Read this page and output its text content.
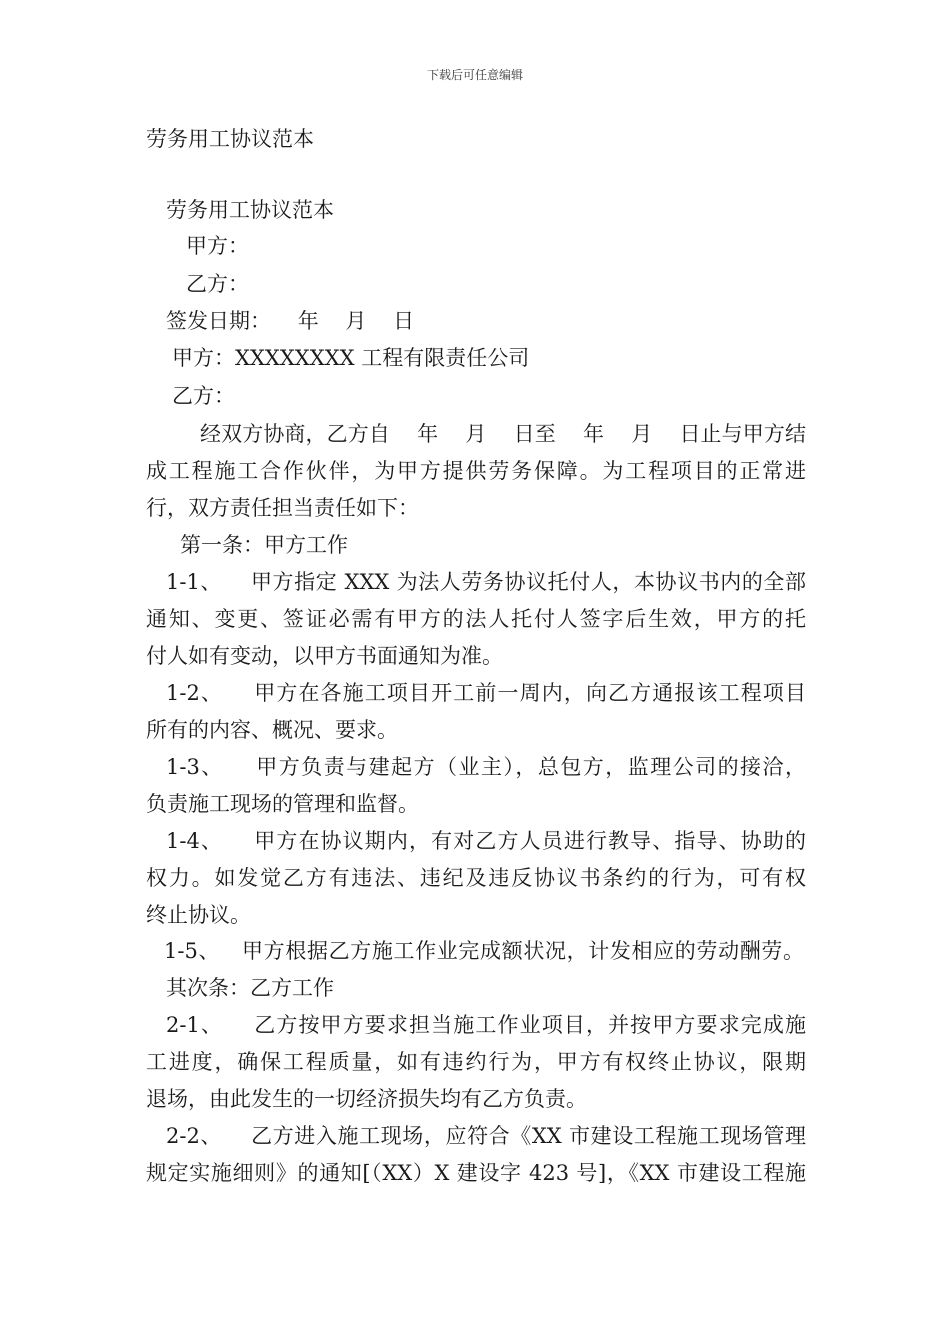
下载后可任意编辑
劳务用工协议范本
劳务用工协议范本
甲方：
乙方：
签发日期：    年    月    日
甲方：XXXXXXXX 工程有限责任公司
乙方：
经双方协商，乙方自    年    月    日至    年    月    日止与甲方结
成工程施工合作伙伴，为甲方提供劳务保障。为工程项目的正常进
行，双方责任担当责任如下：
第一条：甲方工作
1-1、    甲方指定 XXX 为法人劳务协议托付人，本协议书内的全部
通知、变更、签证必需有甲方的法人托付人签字后生效，甲方的托
付人如有变动，以甲方书面通知为准。
1-2、    甲方在各施工项目开工前一周内，向乙方通报该工程项目
所有的内容、概况、要求。
1-3、    甲方负责与建起方（业主），总包方，监理公司的接洽，
负责施工现场的管理和监督。
1-4、    甲方在协议期内，有对乙方人员进行教导、指导、协助的
权力。如发觉乙方有违法、违纪及违反协议书条约的行为，可有权
终止协议。
1-5、   甲方根据乙方施工作业完成额状况，计发相应的劳动酬劳。
其次条：乙方工作
2-1、    乙方按甲方要求担当施工作业项目，并按甲方要求完成施
工进度，确保工程质量，如有违约行为，甲方有权终止协议，限期
退场，由此发生的一切经济损失均有乙方负责。
2-2、    乙方进入施工现场，应符合《XX 市建设工程施工现场管理
规定实施细则》的通知[（XX）X 建设字 423 号]，《XX 市建设工程施
